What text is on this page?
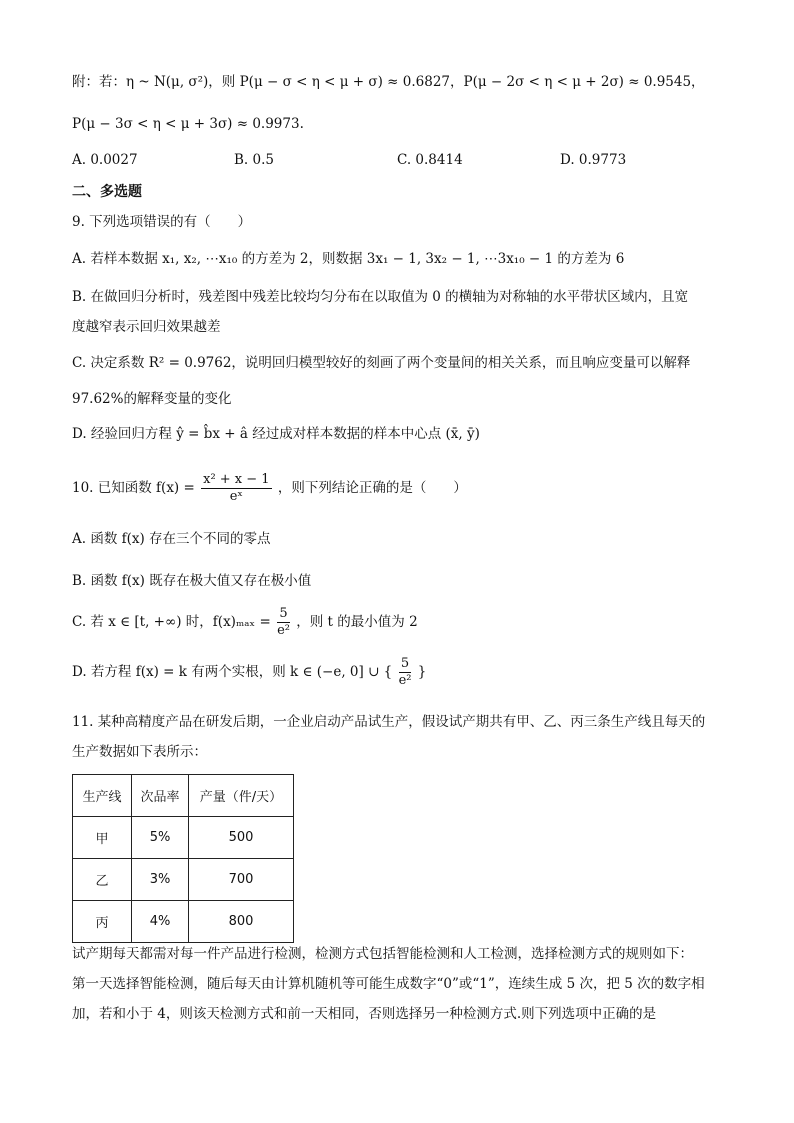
附：若：η ~ N(μ, σ²)，则 P(μ − σ < η < μ + σ) ≈ 0.6827，P(μ − 2σ < η < μ + 2σ) ≈ 0.9545，
P(μ − 3σ < η < μ + 3σ) ≈ 0.9973.
A. 0.0027	B. 0.5	C. 0.8414	D. 0.9773
二、多选题
9. 下列选项错误的有（　　）
A. 若样本数据 x₁, x₂, ⋯x₁₀ 的方差为 2，则数据 3x₁ − 1, 3x₂ − 1, ⋯3x₁₀ − 1 的方差为 6
B. 在做回归分析时，残差图中残差比较均匀分布在以取值为 0 的横轴为对称轴的水平带状区域内，且宽
度越窄表示回归效果越差
C. 决定系数 R² = 0.9762，说明回归模型较好的刻画了两个变量间的相关关系，而且响应变量可以解释
97.62%的解释变量的变化
D. 经验回归方程 ŷ = b̂x + â 经过成对样本数据的样本中心点 (x̄, ȳ)
10. 已知函数 $f(x) = \frac{\text{x² + x − 1}}{\text{eˣ}}$ ，则下列结论正确的是（　　）
A. 函数 f(x) 存在三个不同的零点
B. 函数 f(x) 既存在极大值又存在极小值
C. 若 x ∈ [t, +∞) 时，$f(x)_{max} = \frac{5}{\text{e²}}$ ，则 t 的最小值为 2
D. 若方程 f(x) = k 有两个实根，则 k ∈ (−e, 0] ∪ { $\frac{5}{\text{e²}}$ }
11. 某种高精度产品在研发后期，一企业启动产品试生产，假设试产期共有甲、乙、丙三条生产线且每天的
生产数据如下表所示：
生产线	次品率	产量（件/天）
甲	5%	500
乙	3%	700
丙	4%	800
试产期每天都需对每一件产品进行检测，检测方式包括智能检测和人工检测，选择检测方式的规则如下：
第一天选择智能检测，随后每天由计算机随机等可能生成数字“0”或“1”，连续生成 5 次，把 5 次的数字相
加，若和小于 4，则该天检测方式和前一天相同，否则选择另一种检测方式.则下列选项中正确的是
